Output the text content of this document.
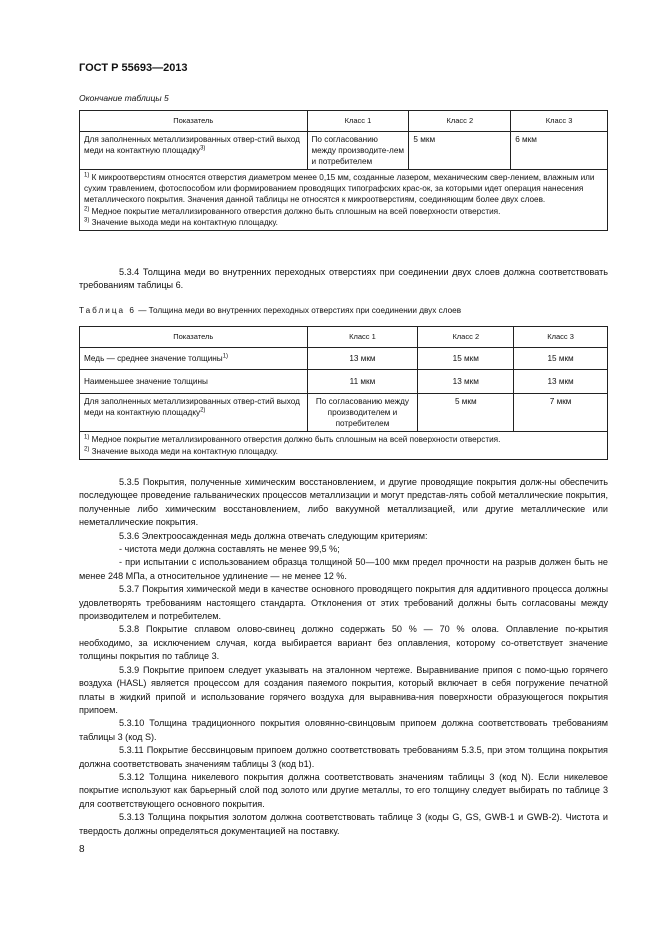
ГОСТ Р 55693—2013
Окончание таблицы 5
Показатель	Класс 1	Класс 2	Класс 3
Для заполненных металлизированных отвер-стий выход меди на контактную площадку$^{3)}$	По согласованию между производите-лем и потребителем	5 мкм	6 мкм

$^{1)}$ К микроотверстиям относятся отверстия диаметром менее 0,15 мм, созданные лазером, механическим свер-лением, влажным или сухим травлением, фотоспособом или формированием проводящих типографских крас-ок, за которыми идет операция нанесения металлического покрытия. Значения данной таблицы не относятся к микроотверстиям, соединяющим более двух слоев.
$^{2)}$ Медное покрытие металлизированного отверстия должно быть сплошным на всей поверхности отверстия.
$^{3)}$ Значение выхода меди на контактную площадку.			

5.3.4 Толщина меди во внутренних переходных отверстиях при соединении двух слоев должна соответствовать требованиям таблицы 6.

Таблица 6 — Толщина меди во внутренних переходных отверстиях при соединении двух слоев
Показатель	Класс 1	Класс 2	Класс 3
Медь — среднее значение толщины$^{1)}$	13 мкм	15 мкм	15 мкм
Наименьшее значение толщины	11 мкм	13 мкм	13 мкм
Для заполненных металлизированных отвер-стий выход меди на контактную площадку$^{2)}$	По согласованию между производителем и потребителем	5 мкм	7 мкм

$^{1)}$ Медное покрытие металлизированного отверстия должно быть сплошным на всей поверхности отверстия.
$^{2)}$ Значение выхода меди на контактную площадку.			

5.3.5 Покрытия, полученные химическим восстановлением, и другие проводящие покрытия долж-ны обеспечить последующее проведение гальванических процессов металлизации и могут представ-лять собой металлические покрытия, полученные либо химическим восстановлением, либо вакуумной металлизацией, или другие металлические или неметаллические покрытия.

5.3.6 Электроосажденная медь должна отвечать следующим критериям:

- чистота меди должна составлять не менее 99,5 %;

- при испытании с использованием образца толщиной 50—100 мкм предел прочности на разрыв должен быть не менее 248 МПа, а относительное удлинение — не менее 12 %.

5.3.7 Покрытия химической меди в качестве основного проводящего покрытия для аддитивного процесса должны удовлетворять требованиям настоящего стандарта. Отклонения от этих требований должны быть согласованы между производителем и потребителем.

5.3.8 Покрытие сплавом олово-свинец должно содержать 50 % — 70 % олова. Оплавление по-крытия необходимо, за исключением случая, когда выбирается вариант без оплавления, которому со-ответствует значение толщины покрытия по таблице 3.

5.3.9 Покрытие припоем следует указывать на эталонном чертеже. Выравнивание припоя с помо-щью горячего воздуха (HASL) является процессом для создания паяемого покрытия, который включает в себя погружение печатной платы в жидкий припой и использование горячего воздуха для выравнива-ния поверхности образующегося покрытия припоем.

5.3.10 Толщина традиционного покрытия оловянно-свинцовым припоем должна соответствовать требованиям таблицы 3 (код S).

5.3.11 Покрытие бессвинцовым припоем должно соответствовать требованиям 5.3.5, при этом толщина покрытия должна соответствовать значениям таблицы 3 (код b1).

5.3.12 Толщина никелевого покрытия должна соответствовать значениям таблицы 3 (код N). Если никелевое покрытие используют как барьерный слой под золото или другие металлы, то его толщину следует выбирать по таблице 3 для соответствующего основного покрытия.

5.3.13 Толщина покрытия золотом должна соответствовать таблице 3 (коды G, GS, GWB-1 и GWB-2). Чистота и твердость должны определяться документацией на поставку.

8
